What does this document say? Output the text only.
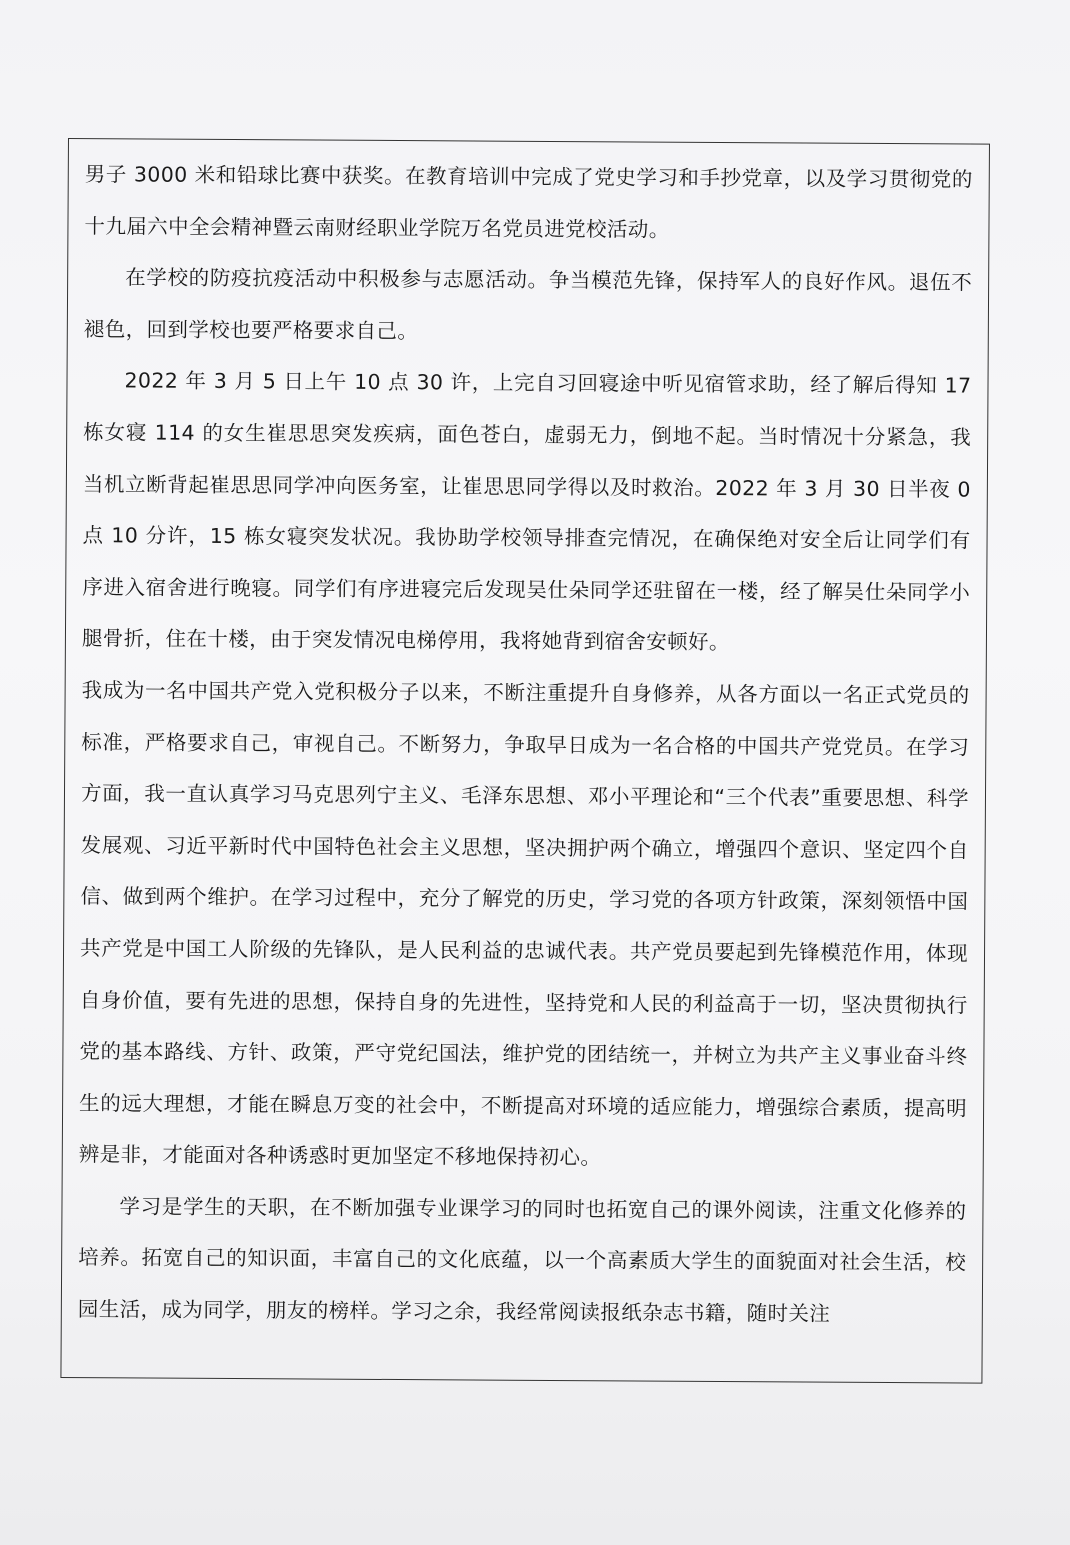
男子 3000 米和铅球比赛中获奖。在教育培训中完成了党史学习和手抄党章，以及学习贯彻党的十九届六中全会精神暨云南财经职业学院万名党员进党校活动。

在学校的防疫抗疫活动中积极参与志愿活动。争当模范先锋，保持军人的良好作风。退伍不褪色，回到学校也要严格要求自己。

2022 年 3 月 5 日上午 10 点 30 许，上完自习回寝途中听见宿管求助，经了解后得知 17 栋女寝 114 的女生崔思思突发疾病，面色苍白，虚弱无力，倒地不起。当时情况十分紧急，我当机立断背起崔思思同学冲向医务室，让崔思思同学得以及时救治。2022 年 3 月 30 日半夜 0 点 10 分许，15 栋女寝突发状况。我协助学校领导排查完情况，在确保绝对安全后让同学们有序进入宿舍进行晚寝。同学们有序进寝完后发现吴仕朵同学还驻留在一楼，经了解吴仕朵同学小腿骨折，住在十楼，由于突发情况电梯停用，我将她背到宿舍安顿好。

我成为一名中国共产党入党积极分子以来，不断注重提升自身修养，从各方面以一名正式党员的标准，严格要求自己，审视自己。不断努力，争取早日成为一名合格的中国共产党党员。在学习方面，我一直认真学习马克思列宁主义、毛泽东思想、邓小平理论和“三个代表”重要思想、科学发展观、习近平新时代中国特色社会主义思想，坚决拥护两个确立，增强四个意识、坚定四个自信、做到两个维护。在学习过程中，充分了解党的历史，学习党的各项方针政策，深刻领悟中国共产党是中国工人阶级的先锋队，是人民利益的忠诚代表。共产党员要起到先锋模范作用，体现自身价值，要有先进的思想，保持自身的先进性，坚持党和人民的利益高于一切，坚决贯彻执行党的基本路线、方针、政策，严守党纪国法，维护党的团结统一，并树立为共产主义事业奋斗终生的远大理想，才能在瞬息万变的社会中，不断提高对环境的适应能力，增强综合素质，提高明辨是非，才能面对各种诱惑时更加坚定不移地保持初心。

学习是学生的天职，在不断加强专业课学习的同时也拓宽自己的课外阅读，注重文化修养的培养。拓宽自己的知识面，丰富自己的文化底蕴，以一个高素质大学生的面貌面对社会生活，校园生活，成为同学，朋友的榜样。学习之余，我经常阅读报纸杂志书籍，随时关注
